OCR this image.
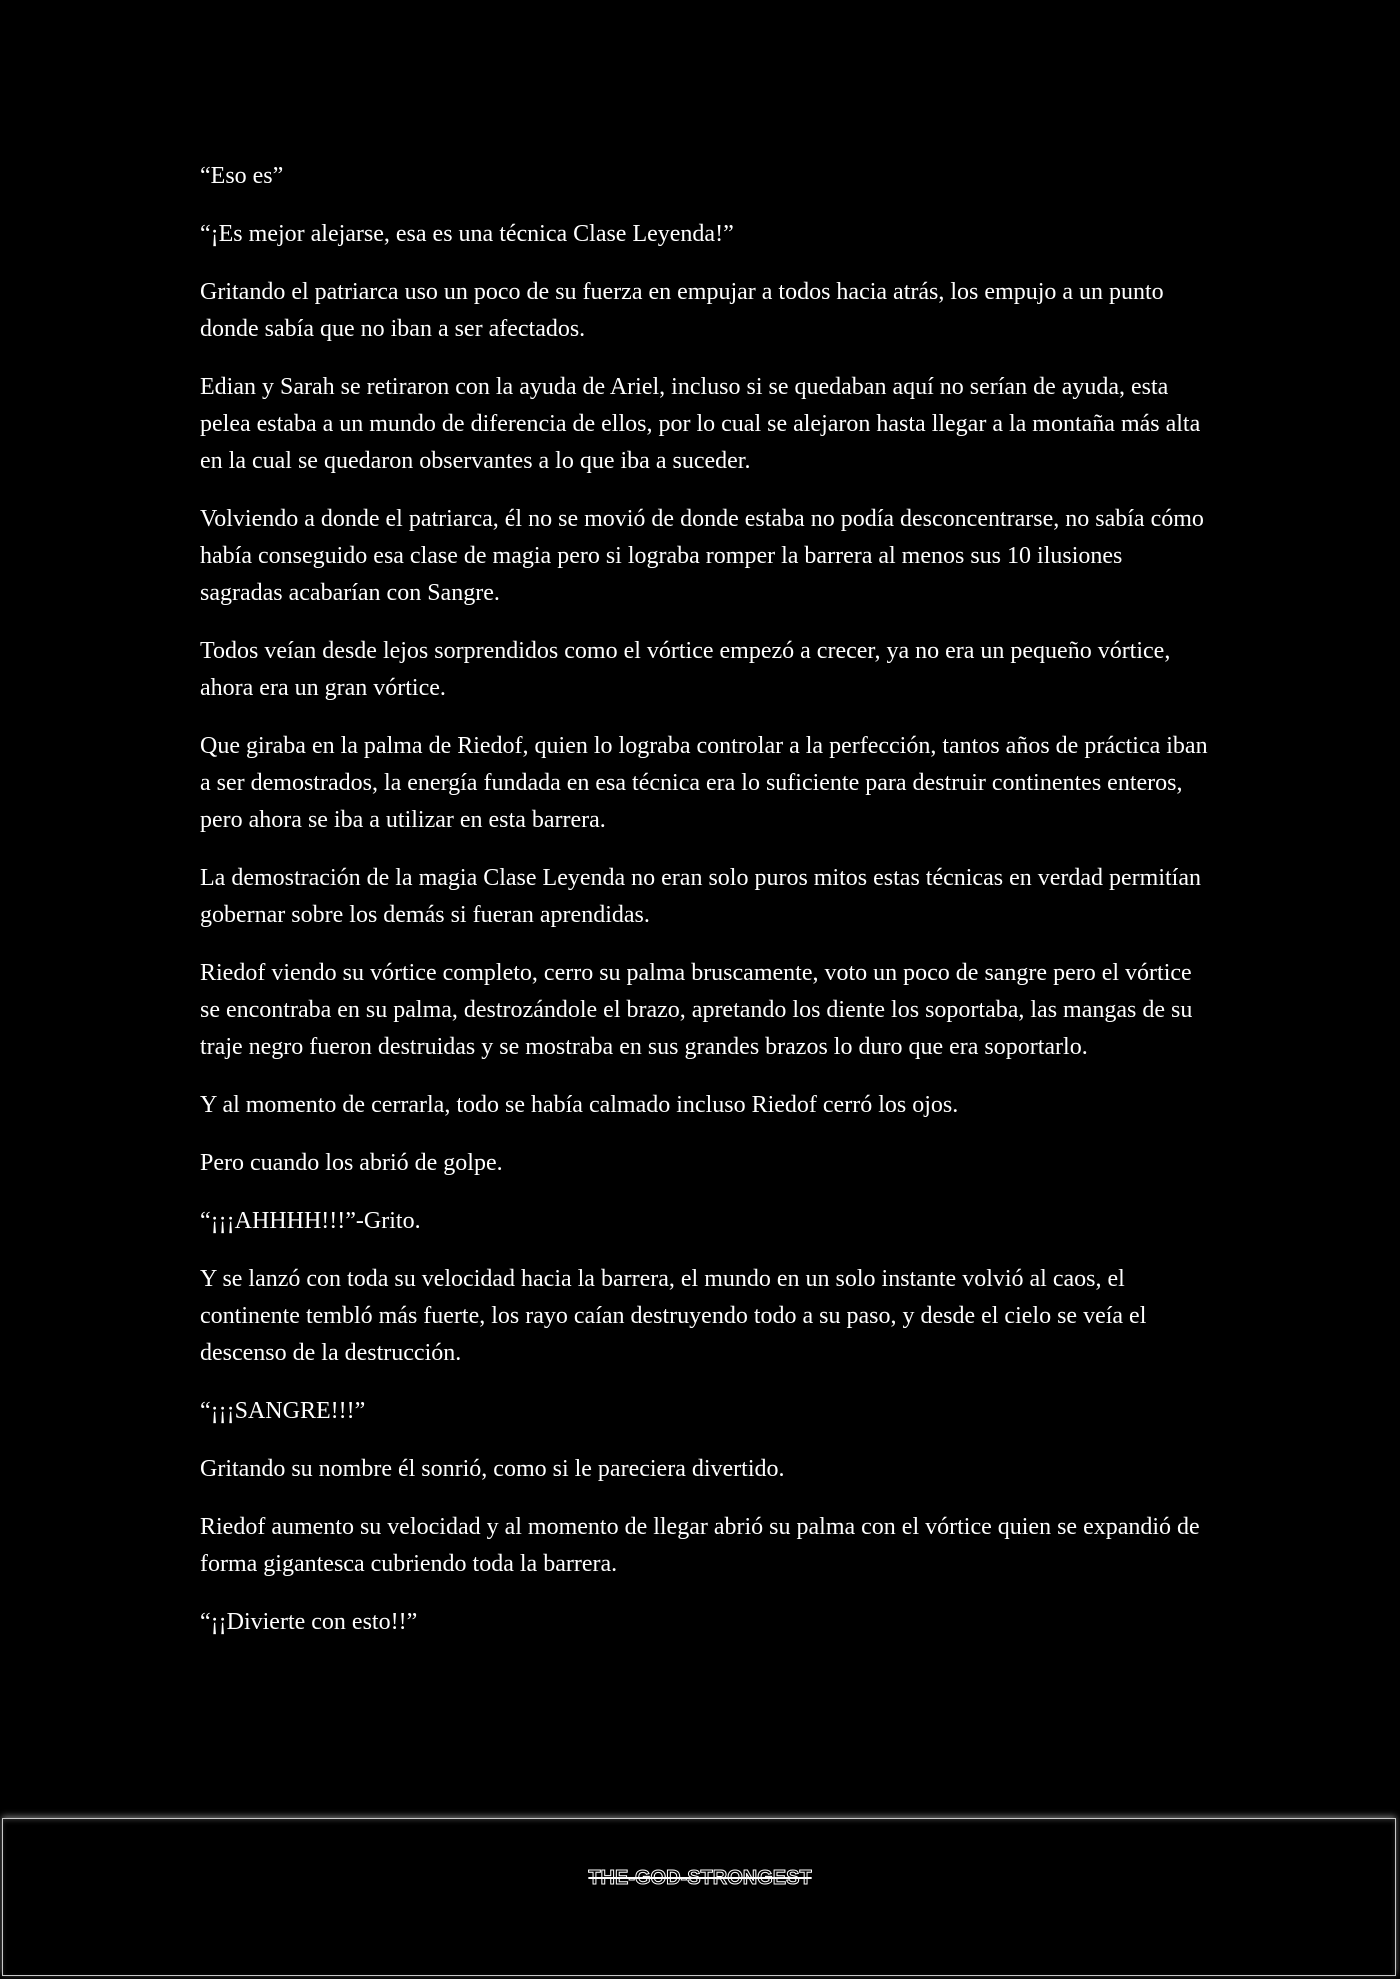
“Eso es”

“¡Es mejor alejarse, esa es una técnica Clase Leyenda!”

Gritando el patriarca uso un poco de su fuerza en empujar a todos hacia atrás, los empujo a un punto donde sabía que no iban a ser afectados.

Edian y Sarah se retiraron con la ayuda de Ariel, incluso si se quedaban aquí no serían de ayuda, esta pelea estaba a un mundo de diferencia de ellos, por lo cual se alejaron hasta llegar a la montaña más alta en la cual se quedaron observantes a lo que iba a suceder.

Volviendo a donde el patriarca, él no se movió de donde estaba no podía desconcentrarse, no sabía cómo había conseguido esa clase de magia pero si lograba romper la barrera al menos sus 10 ilusiones sagradas acabarían con Sangre.

Todos veían desde lejos sorprendidos como el vórtice empezó a crecer, ya no era un pequeño vórtice, ahora era un gran vórtice.

Que giraba en la palma de Riedof, quien lo lograba controlar a la perfección, tantos años de práctica iban a ser demostrados, la energía fundada en esa técnica era lo suficiente para destruir continentes enteros, pero ahora se iba a utilizar en esta barrera.

La demostración de la magia Clase Leyenda no eran solo puros mitos estas técnicas en verdad permitían gobernar sobre los demás si fueran aprendidas.

Riedof viendo su vórtice completo, cerro su palma bruscamente, voto un poco de sangre pero el vórtice se encontraba en su palma, destrozándole el brazo, apretando los diente los soportaba, las mangas de su traje negro fueron destruidas y se mostraba en sus grandes brazos lo duro que era soportarlo.

Y al momento de cerrarla, todo se había calmado incluso Riedof cerró los ojos.

Pero cuando los abrió de golpe.

“¡¡¡AHHHH!!!”-Grito.

Y se lanzó con toda su velocidad hacia la barrera, el mundo en un solo instante volvió al caos, el continente tembló más fuerte, los rayo caían destruyendo todo a su paso, y desde el cielo se veía el descenso de la destrucción.

“¡¡¡SANGRE!!!”

Gritando su nombre él sonrió, como si le pareciera divertido.

Riedof aumento su velocidad y al momento de llegar abrió su palma con el vórtice quien se expandió de forma gigantesca cubriendo toda la barrera.

“¡¡Divierte con esto!!”

THE-GOD-STRONGEST
